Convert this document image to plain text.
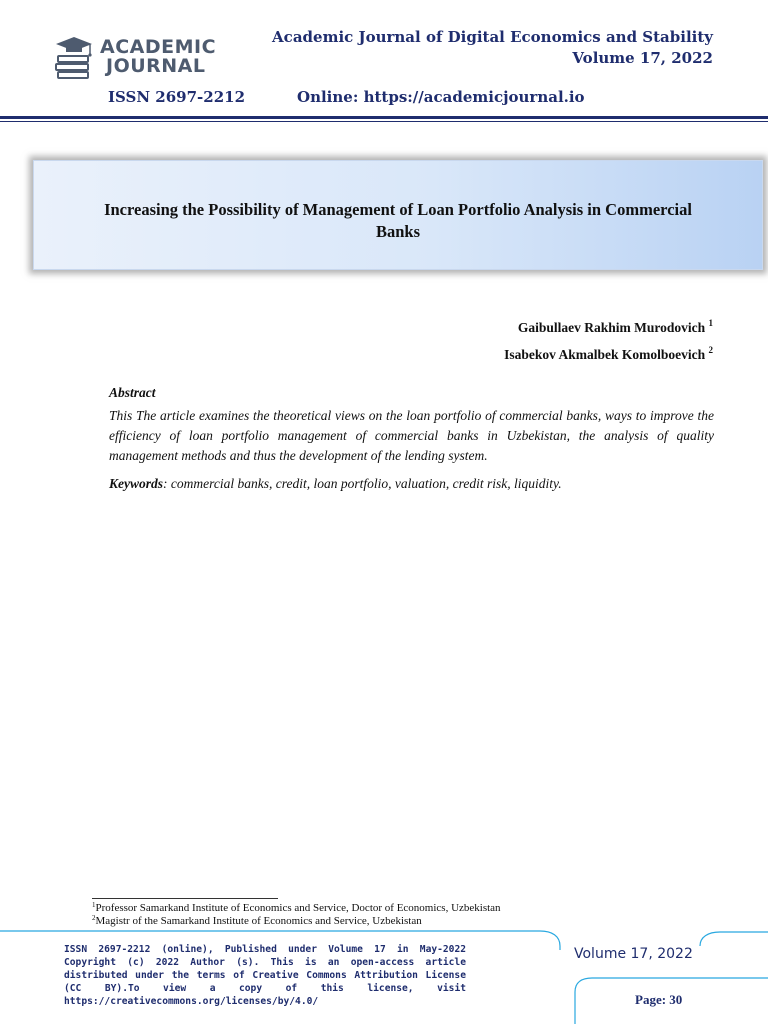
ACADEMIC
JOURNAL
Academic Journal of Digital Economics and Stability
Volume 17, 2022
ISSN 2697-2212	Online: https://academicjournal.io
Increasing the Possibility of Management of Loan Portfolio Analysis in Commercial Banks
Gaibullaev Rakhim Murodovich $^1$
Isabekov Akmalbek Komolboevich $^2$
Abstract
This The article examines the theoretical views on the loan portfolio of commercial banks, ways to improve the efficiency of loan portfolio management of commercial banks in Uzbekistan, the analysis of quality management methods and thus the development of the lending system.
Keywords: commercial banks, credit, loan portfolio, valuation, credit risk, liquidity.
$^1$Professor Samarkand Institute of Economics and Service, Doctor of Economics, Uzbekistan
$^2$Magistr of the Samarkand Institute of Economics and Service, Uzbekistan
ISSN 2697-2212 (online), Published under Volume 17 in May-2022 Copyright (c) 2022 Author (s). This is an open-access article distributed under the terms of Creative Commons Attribution License (CC BY).To view a copy of this license, visit https://creativecommons.org/licenses/by/4.0/
Volume 17, 2022
Page: 30
